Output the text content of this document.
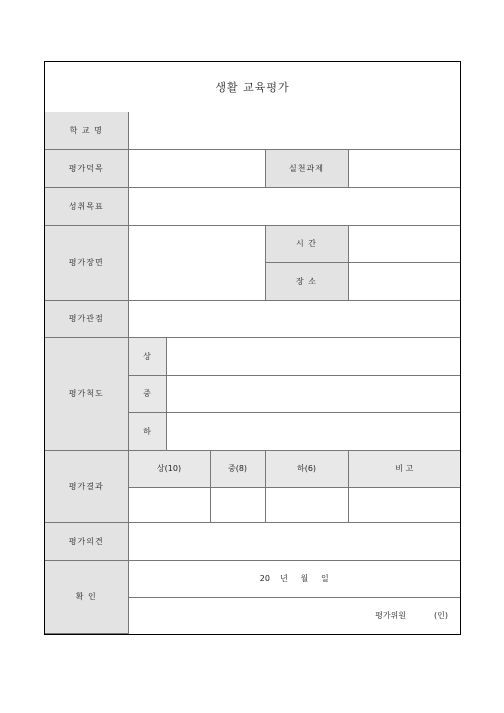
생활 교육평가
학 교 명					
평가덕목				실천과제	
성취목표					
평가장면				시 간	
				장 소	
평가관점					
평가척도	상				
	중				
	하				
평가결과	상(10)		중(8)	하(6)	비 고

평가의견					
확 인	20    년     월     일				

	평가위원 (인)				
